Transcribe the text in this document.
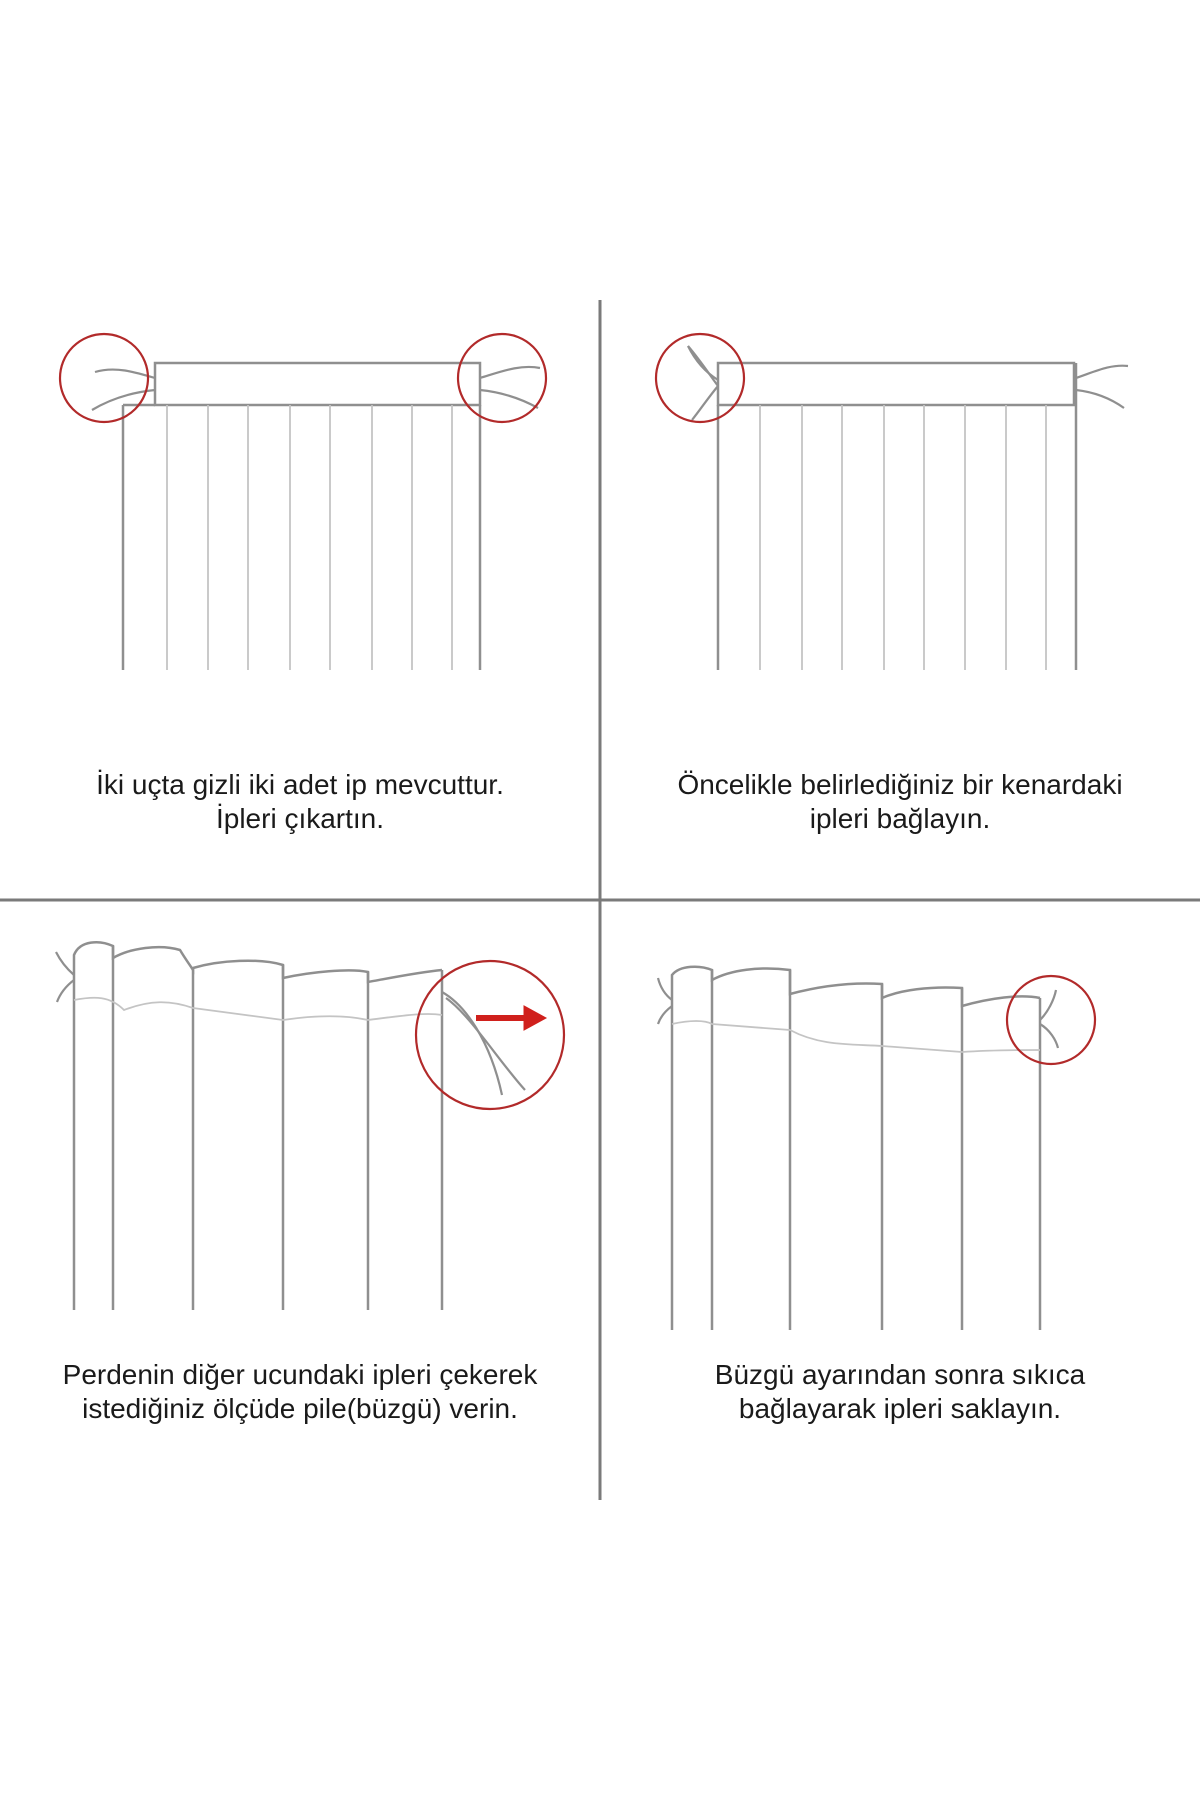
İki uçta gizli iki adet ip mevcuttur.
İpleri çıkartın.
Öncelikle belirlediğiniz bir kenardaki
ipleri bağlayın.
Perdenin diğer ucundaki ipleri çekerek
istediğiniz ölçüde pile(büzgü) verin.
Büzgü ayarından sonra sıkıca
bağlayarak ipleri saklayın.
